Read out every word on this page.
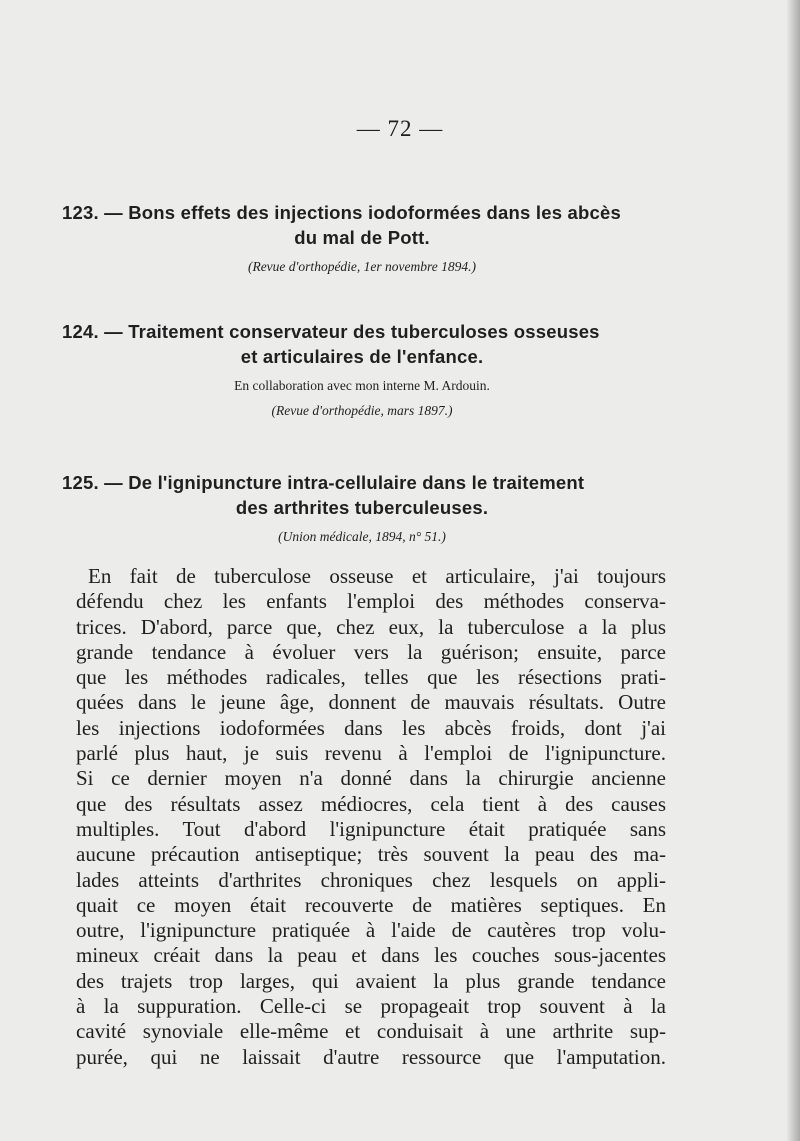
— 72 —
123. — Bons effets des injections iodoformées dans les abcès
du mal de Pott.
(Revue d'orthopédie, 1er novembre 1894.)
124. — Traitement conservateur des tuberculoses osseuses
et articulaires de l'enfance.
En collaboration avec mon interne M. Ardouin.
(Revue d'orthopédie, mars 1897.)
125. — De l'ignipuncture intra-cellulaire dans le traitement
des arthrites tuberculeuses.
(Union médicale, 1894, n° 51.)
En fait de tuberculose osseuse et articulaire, j'ai toujours
défendu chez les enfants l'emploi des méthodes conserva-
trices. D'abord, parce que, chez eux, la tuberculose a la plus
grande tendance à évoluer vers la guérison; ensuite, parce
que les méthodes radicales, telles que les résections prati-
quées dans le jeune âge, donnent de mauvais résultats. Outre
les injections iodoformées dans les abcès froids, dont j'ai
parlé plus haut, je suis revenu à l'emploi de l'ignipuncture.
Si ce dernier moyen n'a donné dans la chirurgie ancienne
que des résultats assez médiocres, cela tient à des causes
multiples. Tout d'abord l'ignipuncture était pratiquée sans
aucune précaution antiseptique; très souvent la peau des ma-
lades atteints d'arthrites chroniques chez lesquels on appli-
quait ce moyen était recouverte de matières septiques. En
outre, l'ignipuncture pratiquée à l'aide de cautères trop volu-
mineux créait dans la peau et dans les couches sous-jacentes
des trajets trop larges, qui avaient la plus grande tendance
à la suppuration. Celle-ci se propageait trop souvent à la
cavité synoviale elle-même et conduisait à une arthrite sup-
purée, qui ne laissait d'autre ressource que l'amputation.
